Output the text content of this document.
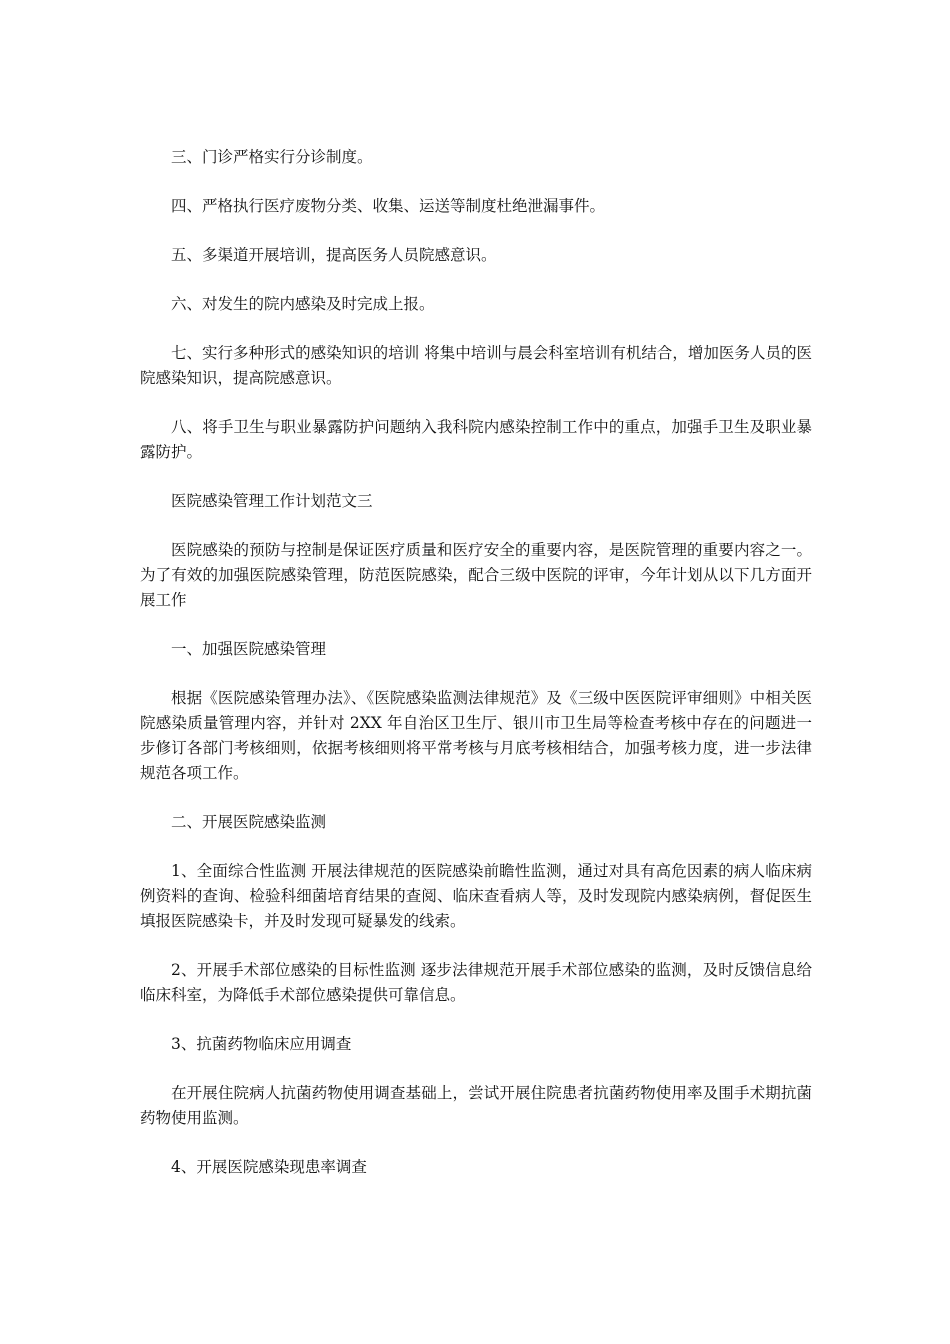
三、门诊严格实行分诊制度。

四、严格执行医疗废物分类、收集、运送等制度杜绝泄漏事件。

五、多渠道开展培训，提高医务人员院感意识。

六、对发生的院内感染及时完成上报。

七、实行多种形式的感染知识的培训 将集中培训与晨会科室培训有机结合，增加医务人员的医院感染知识，提高院感意识。

八、将手卫生与职业暴露防护问题纳入我科院内感染控制工作中的重点，加强手卫生及职业暴露防护。

医院感染管理工作计划范文三

医院感染的预防与控制是保证医疗质量和医疗安全的重要内容，是医院管理的重要内容之一。为了有效的加强医院感染管理，防范医院感染，配合三级中医院的评审，今年计划从以下几方面开展工作

一、加强医院感染管理

根据《医院感染管理办法》、《医院感染监测法律规范》及《三级中医医院评审细则》中相关医院感染质量管理内容，并针对 2XX 年自治区卫生厅、银川市卫生局等检查考核中存在的问题进一步修订各部门考核细则，依据考核细则将平常考核与月底考核相结合，加强考核力度，进一步法律规范各项工作。

二、开展医院感染监测

1、全面综合性监测 开展法律规范的医院感染前瞻性监测，通过对具有高危因素的病人临床病例资料的查询、检验科细菌培育结果的查阅、临床查看病人等，及时发现院内感染病例，督促医生填报医院感染卡，并及时发现可疑暴发的线索。

2、开展手术部位感染的目标性监测 逐步法律规范开展手术部位感染的监测，及时反馈信息给临床科室，为降低手术部位感染提供可靠信息。

3、抗菌药物临床应用调查

在开展住院病人抗菌药物使用调查基础上，尝试开展住院患者抗菌药物使用率及围手术期抗菌药物使用监测。

4、开展医院感染现患率调查
